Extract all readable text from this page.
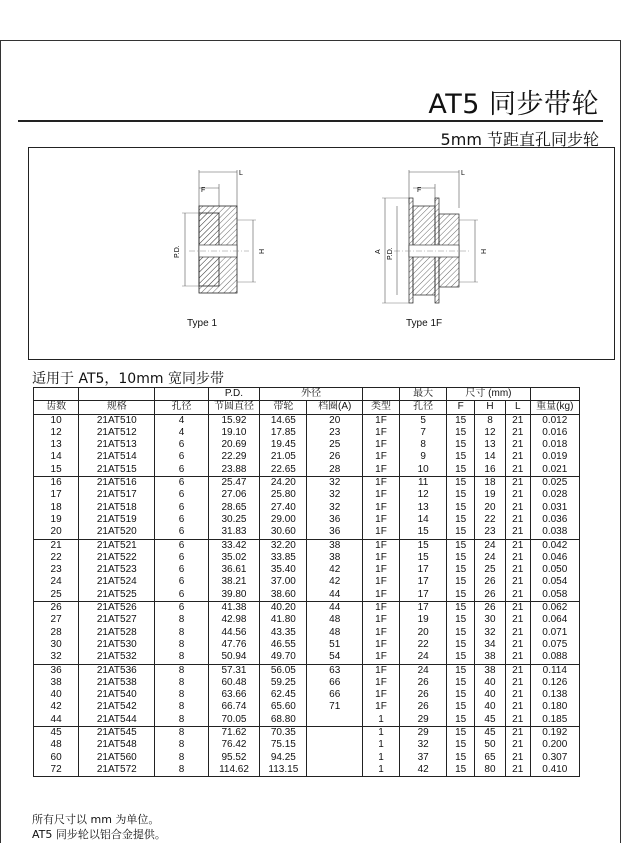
AT5 同步带轮
5mm 节距直孔同步轮
L
F
P.D.	H
Type 1
L
F
A P.D.	H
Type 1F
适用于 AT5，10mm 宽同步带
			P.D.	外径			最大	尺寸 (mm)			
齿数	规格	孔径	节圆直径	带轮	档圈(A)	类型	孔径	F	H	L	重量(kg)
10	21AT510	4	15.92	14.65	20	1F	5	15	8	21	0.012
12	21AT512	4	19.10	17.85	23	1F	7	15	12	21	0.016
13	21AT513	6	20.69	19.45	25	1F	8	15	13	21	0.018
14	21AT514	6	22.29	21.05	26	1F	9	15	14	21	0.019
15	21AT515	6	23.88	22.65	28	1F	10	15	16	21	0.021
16	21AT516	6	25.47	24.20	32	1F	11	15	18	21	0.025
17	21AT517	6	27.06	25.80	32	1F	12	15	19	21	0.028
18	21AT518	6	28.65	27.40	32	1F	13	15	20	21	0.031
19	21AT519	6	30.25	29.00	36	1F	14	15	22	21	0.036
20	21AT520	6	31.83	30.60	36	1F	15	15	23	21	0.038
21	21AT521	6	33.42	32.20	38	1F	15	15	24	21	0.042
22	21AT522	6	35.02	33.85	38	1F	15	15	24	21	0.046
23	21AT523	6	36.61	35.40	42	1F	17	15	25	21	0.050
24	21AT524	6	38.21	37.00	42	1F	17	15	26	21	0.054
25	21AT525	6	39.80	38.60	44	1F	17	15	26	21	0.058
26	21AT526	6	41.38	40.20	44	1F	17	15	26	21	0.062
27	21AT527	8	42.98	41.80	48	1F	19	15	30	21	0.064
28	21AT528	8	44.56	43.35	48	1F	20	15	32	21	0.071
30	21AT530	8	47.76	46.55	51	1F	22	15	34	21	0.075
32	21AT532	8	50.94	49.70	54	1F	24	15	38	21	0.088
36	21AT536	8	57.31	56.05	63	1F	24	15	38	21	0.114
38	21AT538	8	60.48	59.25	66	1F	26	15	40	21	0.126
40	21AT540	8	63.66	62.45	66	1F	26	15	40	21	0.138
42	21AT542	8	66.74	65.60	71	1F	26	15	40	21	0.180
44	21AT544	8	70.05	68.80		1	29	15	45	21	0.185
45	21AT545	8	71.62	70.35		1	29	15	45	21	0.192
48	21AT548	8	76.42	75.15		1	32	15	50	21	0.200
60	21AT560	8	95.52	94.25		1	37	15	65	21	0.307
72	21AT572	8	114.62	113.15		1	42	15	80	21	0.410
所有尺寸以 mm 为单位。
AT5 同步轮以铝合金提供。
